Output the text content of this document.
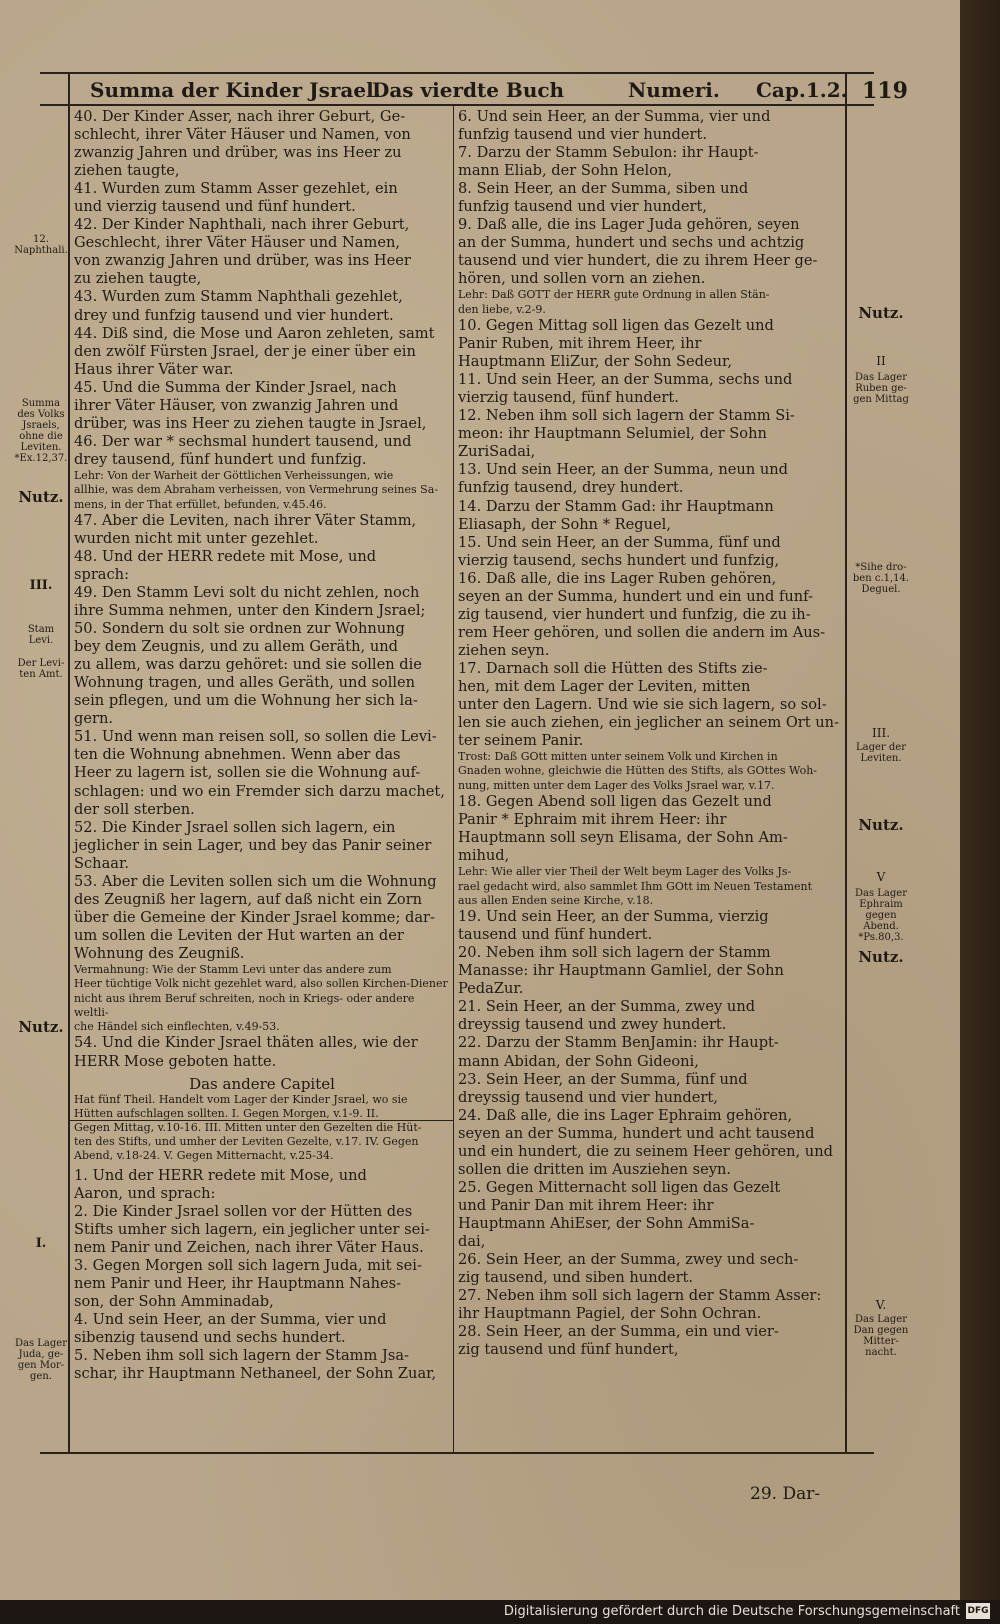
Summa der Kinder Jsrael.
Das vierdte Buch	Numeri. Cap.1.2. 119

40. Der Kinder Asser, nach ihrer Geburt, Ge-

schlecht, ihrer Väter Häuser und Namen, von

zwanzig Jahren und drüber, was ins Heer zu

ziehen taugte,

41. Wurden zum Stamm Asser gezehlet, ein

und vierzig tausend und fünf hundert.

42. Der Kinder Naphthali, nach ihrer Geburt,

Geschlecht, ihrer Väter Häuser und Namen,

von zwanzig Jahren und drüber, was ins Heer

zu ziehen taugte,

43. Wurden zum Stamm Naphthali gezehlet,

drey und funfzig tausend und vier hundert.

44. Diß sind, die Mose und Aaron zehleten, samt

den zwölf Fürsten Jsrael, der je einer über ein

Haus ihrer Väter war.

45. Und die Summa der Kinder Jsrael, nach

ihrer Väter Häuser, von zwanzig Jahren und

drüber, was ins Heer zu ziehen taugte in Jsrael,

46. Der war * sechsmal hundert tausend, und

drey tausend, fünf hundert und funfzig.

Lehr: Von der Warheit der Göttlichen Verheissungen, wie

allhie, was dem Abraham verheissen, von Vermehrung seines Sa-

mens, in der That erfüllet, befunden, v.45.46.

47. Aber die Leviten, nach ihrer Väter Stamm,

wurden nicht mit unter gezehlet.

48. Und der HERR redete mit Mose, und

sprach:

49. Den Stamm Levi solt du nicht zehlen, noch

ihre Summa nehmen, unter den Kindern Jsrael;

50. Sondern du solt sie ordnen zur Wohnung

bey dem Zeugnis, und zu allem Geräth, und

zu allem, was darzu gehöret: und sie sollen die

Wohnung tragen, und alles Geräth, und sollen

sein pflegen, und um die Wohnung her sich la-

gern.

51. Und wenn man reisen soll, so sollen die Levi-

ten die Wohnung abnehmen. Wenn aber das

Heer zu lagern ist, sollen sie die Wohnung auf-

schlagen: und wo ein Fremder sich darzu machet,

der soll sterben.

52. Die Kinder Jsrael sollen sich lagern, ein

jeglicher in sein Lager, und bey das Panir seiner

Schaar.

53. Aber die Leviten sollen sich um die Wohnung

des Zeugniß her lagern, auf daß nicht ein Zorn

über die Gemeine der Kinder Jsrael komme; dar-

um sollen die Leviten der Hut warten an der

Wohnung des Zeugniß.

Vermahnung: Wie der Stamm Levi unter das andere zum

Heer tüchtige Volk nicht gezehlet ward, also sollen Kirchen-Diener

nicht aus ihrem Beruf schreiten, noch in Kriegs- oder andere weltli-

che Händel sich einflechten, v.49-53.

54. Und die Kinder Jsrael thäten alles, wie der

HERR Mose geboten hatte.

Das andere Capitel

Hat fünf Theil. Handelt vom Lager der Kinder Jsrael, wo sie

Hütten aufschlagen sollten. I. Gegen Morgen, v.1-9. II.

Gegen Mittag, v.10-16. III. Mitten unter den Gezelten die Hüt-

ten des Stifts, und umher der Leviten Gezelte, v.17. IV. Gegen

Abend, v.18-24. V. Gegen Mitternacht, v.25-34.

1. Und der HERR redete mit Mose, und

Aaron, und sprach:

2. Die Kinder Jsrael sollen vor der Hütten des

Stifts umher sich lagern, ein jeglicher unter sei-

nem Panir und Zeichen, nach ihrer Väter Haus.

3. Gegen Morgen soll sich lagern Juda, mit sei-

nem Panir und Heer, ihr Hauptmann Nahes-

son, der Sohn Amminadab,

4. Und sein Heer, an der Summa, vier und

sibenzig tausend und sechs hundert.

5. Neben ihm soll sich lagern der Stamm Jsa-

schar, ihr Hauptmann Nethaneel, der Sohn Zuar,

6. Und sein Heer, an der Summa, vier und

funfzig tausend und vier hundert.

7. Darzu der Stamm Sebulon: ihr Haupt-

mann Eliab, der Sohn Helon,

8. Sein Heer, an der Summa, siben und

funfzig tausend und vier hundert,

9. Daß alle, die ins Lager Juda gehören, seyen

an der Summa, hundert und sechs und achtzig

tausend und vier hundert, die zu ihrem Heer ge-

hören, und sollen vorn an ziehen.

Lehr: Daß GOTT der HERR gute Ordnung in allen Stän-

den liebe, v.2-9.

10. Gegen Mittag soll ligen das Gezelt und

Panir Ruben, mit ihrem Heer, ihr

Hauptmann EliZur, der Sohn Sedeur,

11. Und sein Heer, an der Summa, sechs und

vierzig tausend, fünf hundert.

12. Neben ihm soll sich lagern der Stamm Si-

meon: ihr Hauptmann Selumiel, der Sohn

ZuriSadai,

13. Und sein Heer, an der Summa, neun und

funfzig tausend, drey hundert.

14. Darzu der Stamm Gad: ihr Hauptmann

Eliasaph, der Sohn * Reguel,

15. Und sein Heer, an der Summa, fünf und

vierzig tausend, sechs hundert und funfzig,

16. Daß alle, die ins Lager Ruben gehören,

seyen an der Summa, hundert und ein und funf-

zig tausend, vier hundert und funfzig, die zu ih-

rem Heer gehören, und sollen die andern im Aus-

ziehen seyn.

17. Darnach soll die Hütten des Stifts zie-

hen, mit dem Lager der Leviten, mitten

unter den Lagern. Und wie sie sich lagern, so sol-

len sie auch ziehen, ein jeglicher an seinem Ort un-

ter seinem Panir.

Trost: Daß GOtt mitten unter seinem Volk und Kirchen in

Gnaden wohne, gleichwie die Hütten des Stifts, als GOttes Woh-

nung, mitten unter dem Lager des Volks Jsrael war, v.17.

18. Gegen Abend soll ligen das Gezelt und

Panir * Ephraim mit ihrem Heer: ihr

Hauptmann soll seyn Elisama, der Sohn Am-

mihud,

Lehr: Wie aller vier Theil der Welt beym Lager des Volks Js-

rael gedacht wird, also sammlet Ihm GOtt im Neuen Testament

aus allen Enden seine Kirche, v.18.

19. Und sein Heer, an der Summa, vierzig

tausend und fünf hundert.

20. Neben ihm soll sich lagern der Stamm

Manasse: ihr Hauptmann Gamliel, der Sohn

PedaZur.

21. Sein Heer, an der Summa, zwey und

dreyssig tausend und zwey hundert.

22. Darzu der Stamm BenJamin: ihr Haupt-

mann Abidan, der Sohn Gideoni,

23. Sein Heer, an der Summa, fünf und

dreyssig tausend und vier hundert,

24. Daß alle, die ins Lager Ephraim gehören,

seyen an der Summa, hundert und acht tausend

und ein hundert, die zu seinem Heer gehören, und

sollen die dritten im Ausziehen seyn.

25. Gegen Mitternacht soll ligen das Gezelt

und Panir Dan mit ihrem Heer: ihr

Hauptmann AhiEser, der Sohn AmmiSa-

dai,

26. Sein Heer, an der Summa, zwey und sech-

zig tausend, und siben hundert.

27. Neben ihm soll sich lagern der Stamm Asser:

ihr Hauptmann Pagiel, der Sohn Ochran.

28. Sein Heer, an der Summa, ein und vier-

zig tausend und fünf hundert,

29. Dar-
12. Naphthali.
Summa des Volks Jsraels, ohne die Leviten. *Ex.12,37.
Nutz.
III.
Stam Levi.
Der Levi- ten Amt.
Nutz.
I.
Das Lager Juda, ge- gen Mor- gen.
Nutz.
II
Das Lager Ruben ge- gen Mittag
*Sihe dro- ben c.1,14. Deguel.
III.
Lager der Leviten.
Nutz.
V
Das Lager Ephraim gegen Abend. *Ps.80,3.
Nutz.
V.
Das Lager Dan gegen Mitter- nacht.
Digitalisierung gefördert durch die Deutsche Forschungsgemeinschaft DFG
